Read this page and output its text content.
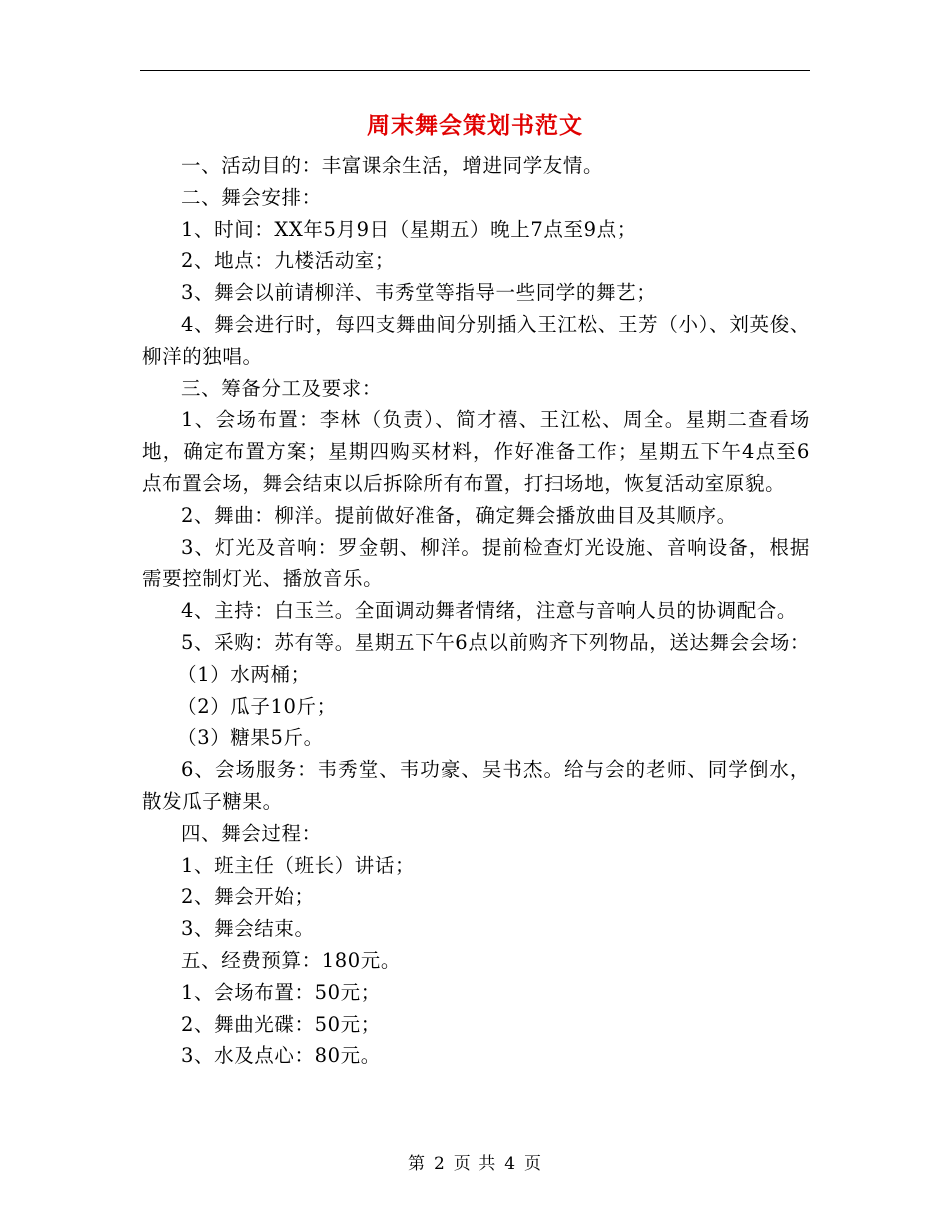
周末舞会策划书范文

一、活动目的：丰富课余生活，增进同学友情。

二、舞会安排：

1、时间：XX年5月9日（星期五）晚上7点至9点；

2、地点：九楼活动室；

3、舞会以前请柳洋、韦秀堂等指导一些同学的舞艺；

4、舞会进行时，每四支舞曲间分别插入王江松、王芳（小）、刘英俊、柳洋的独唱。

三、筹备分工及要求：

1、会场布置：李林（负责）、简才禧、王江松、周全。星期二查看场地，确定布置方案；星期四购买材料，作好准备工作；星期五下午4点至6点布置会场，舞会结束以后拆除所有布置，打扫场地，恢复活动室原貌。

2、舞曲：柳洋。提前做好准备，确定舞会播放曲目及其顺序。

3、灯光及音响：罗金朝、柳洋。提前检查灯光设施、音响设备，根据需要控制灯光、播放音乐。

4、主持：白玉兰。全面调动舞者情绪，注意与音响人员的协调配合。

5、采购：苏有等。星期五下午6点以前购齐下列物品，送达舞会会场：

（1）水两桶；

（2）瓜子10斤；

（3）糖果5斤。

6、会场服务：韦秀堂、韦功豪、吴书杰。给与会的老师、同学倒水，散发瓜子糖果。

四、舞会过程：

1、班主任（班长）讲话；

2、舞会开始；

3、舞会结束。

五、经费预算：180元。

1、会场布置：50元；

2、舞曲光碟：50元；

3、水及点心：80元。

第 2 页 共 4 页
